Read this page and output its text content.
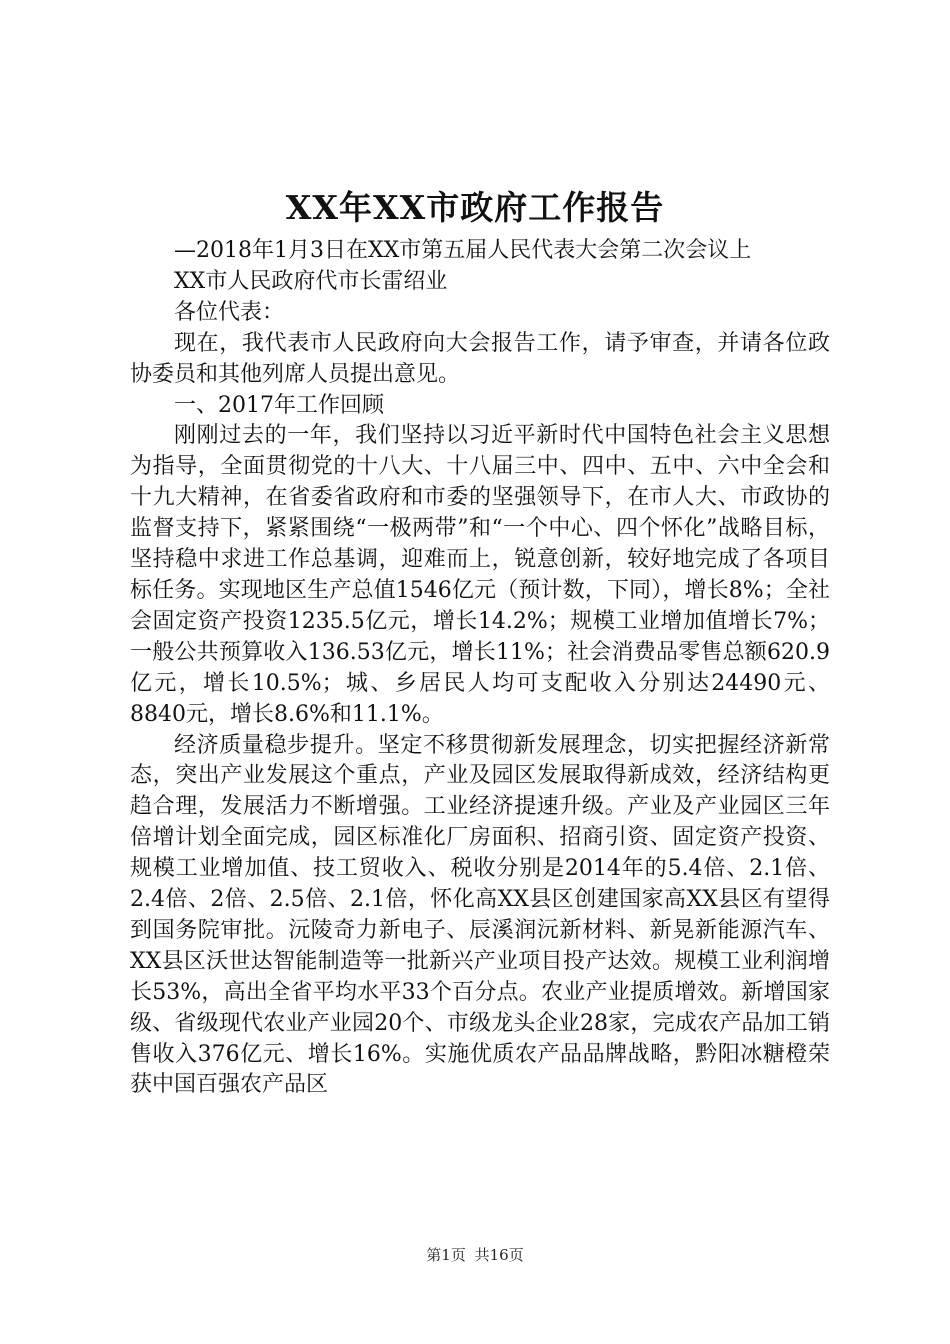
XX年XX市政府工作报告

—2018年1月3日在XX市第五届人民代表大会第二次会议上

XX市人民政府代市长雷绍业

各位代表：

现在，我代表市人民政府向大会报告工作，请予审查，并请各位政协委员和其他列席人员提出意见。

一、2017年工作回顾

刚刚过去的一年，我们坚持以习近平新时代中国特色社会主义思想为指导，全面贯彻党的十八大、十八届三中、四中、五中、六中全会和十九大精神，在省委省政府和市委的坚强领导下，在市人大、市政协的监督支持下，紧紧围绕“一极两带”和“一个中心、四个怀化”战略目标，坚持稳中求进工作总基调，迎难而上，锐意创新，较好地完成了各项目标任务。实现地区生产总值1546亿元（预计数，下同），增长8%；全社会固定资产投资1235.5亿元，增长14.2%；规模工业增加值增长7%；一般公共预算收入136.53亿元，增长11%；社会消费品零售总额620.9亿元，增长10.5%；城、乡居民人均可支配收入分别达24490元、8840元，增长8.6%和11.1%。

经济质量稳步提升。坚定不移贯彻新发展理念，切实把握经济新常态，突出产业发展这个重点，产业及园区发展取得新成效，经济结构更趋合理，发展活力不断增强。工业经济提速升级。产业及产业园区三年倍增计划全面完成，园区标准化厂房面积、招商引资、固定资产投资、规模工业增加值、技工贸收入、税收分别是2014年的5.4倍、2.1倍、2.4倍、2倍、2.5倍、2.1倍，怀化高XX县区创建国家高XX县区有望得到国务院审批。沅陵奇力新电子、辰溪润沅新材料、新晃新能源汽车、XX县区沃世达智能制造等一批新兴产业项目投产达效。规模工业利润增长53%，高出全省平均水平33个百分点。农业产业提质增效。新增国家级、省级现代农业产业园20个、市级龙头企业28家，完成农产品加工销售收入376亿元、增长16%。实施优质农产品品牌战略，黔阳冰糖橙荣获中国百强农产品区

第1页 共16页
